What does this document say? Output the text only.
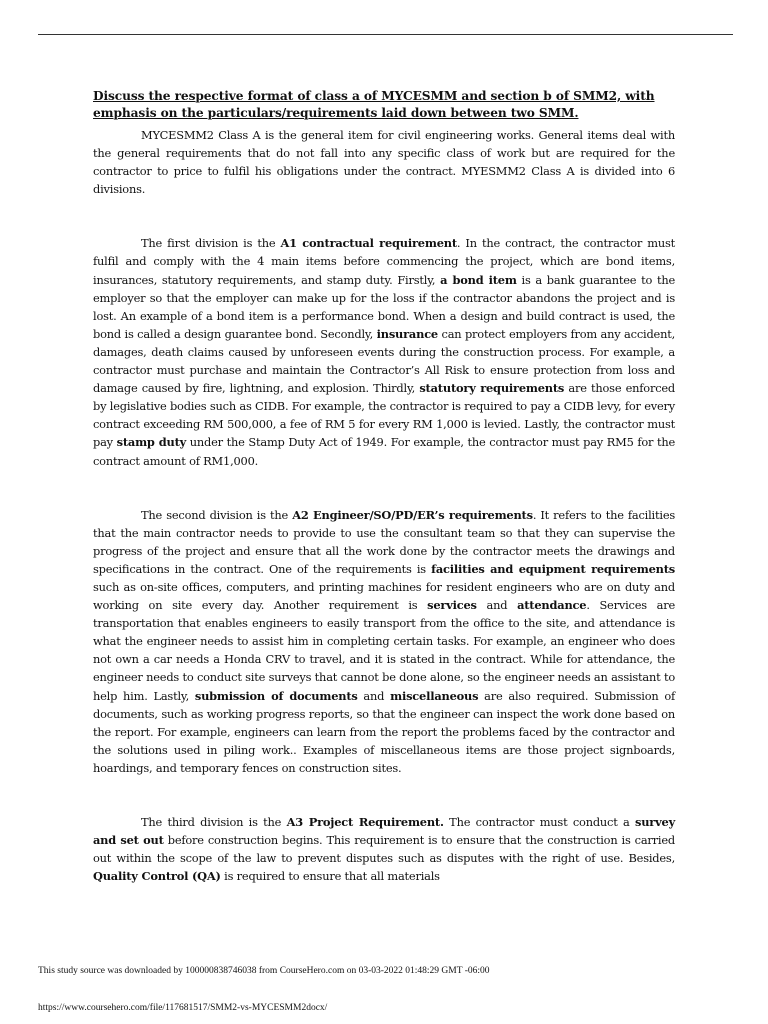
Discuss the respective format of class a of MYCESMM and section b of SMM2, with emphasis on the particulars/requirements laid down between two SMM.

MYCESMM2 Class A is the general item for civil engineering works. General items deal with the general requirements that do not fall into any specific class of work but are required for the contractor to price to fulfil his obligations under the contract. MYESMM2 Class A is divided into 6 divisions.

The first division is the A1 contractual requirement. In the contract, the contractor must fulfil and comply with the 4 main items before commencing the project, which are bond items, insurances, statutory requirements, and stamp duty. Firstly, a bond item is a bank guarantee to the employer so that the employer can make up for the loss if the contractor abandons the project and is lost. An example of a bond item is a performance bond. When a design and build contract is used, the bond is called a design guarantee bond. Secondly, insurance can protect employers from any accident, damages, death claims caused by unforeseen events during the construction process. For example, a contractor must purchase and maintain the Contractor’s All Risk to ensure protection from loss and damage caused by fire, lightning, and explosion. Thirdly, statutory requirements are those enforced by legislative bodies such as CIDB. For example, the contractor is required to pay a CIDB levy, for every contract exceeding RM 500,000, a fee of RM 5 for every RM 1,000 is levied. Lastly, the contractor must pay stamp duty under the Stamp Duty Act of 1949. For example, the contractor must pay RM5 for the contract amount of RM1,000.

The second division is the A2 Engineer/SO/PD/ER’s requirements. It refers to the facilities that the main contractor needs to provide to use the consultant team so that they can supervise the progress of the project and ensure that all the work done by the contractor meets the drawings and specifications in the contract. One of the requirements is facilities and equipment requirements such as on-site offices, computers, and printing machines for resident engineers who are on duty and working on site every day. Another requirement is services and attendance. Services are transportation that enables engineers to easily transport from the office to the site, and attendance is what the engineer needs to assist him in completing certain tasks. For example, an engineer who does not own a car needs a Honda CRV to travel, and it is stated in the contract. While for attendance, the engineer needs to conduct site surveys that cannot be done alone, so the engineer needs an assistant to help him. Lastly, submission of documents and miscellaneous are also required. Submission of documents, such as working progress reports, so that the engineer can inspect the work done based on the report. For example, engineers can learn from the report the problems faced by the contractor and the solutions used in piling work.. Examples of miscellaneous items are those project signboards, hoardings, and temporary fences on construction sites.

The third division is the A3 Project Requirement. The contractor must conduct a survey and set out before construction begins. This requirement is to ensure that the construction is carried out within the scope of the law to prevent disputes such as disputes with the right of use. Besides, Quality Control (QA) is required to ensure that all materials

This study source was downloaded by 100000838746038 from CourseHero.com on 03-03-2022 01:48:29 GMT -06:00
https://www.coursehero.com/file/117681517/SMM2-vs-MYCESMM2docx/
